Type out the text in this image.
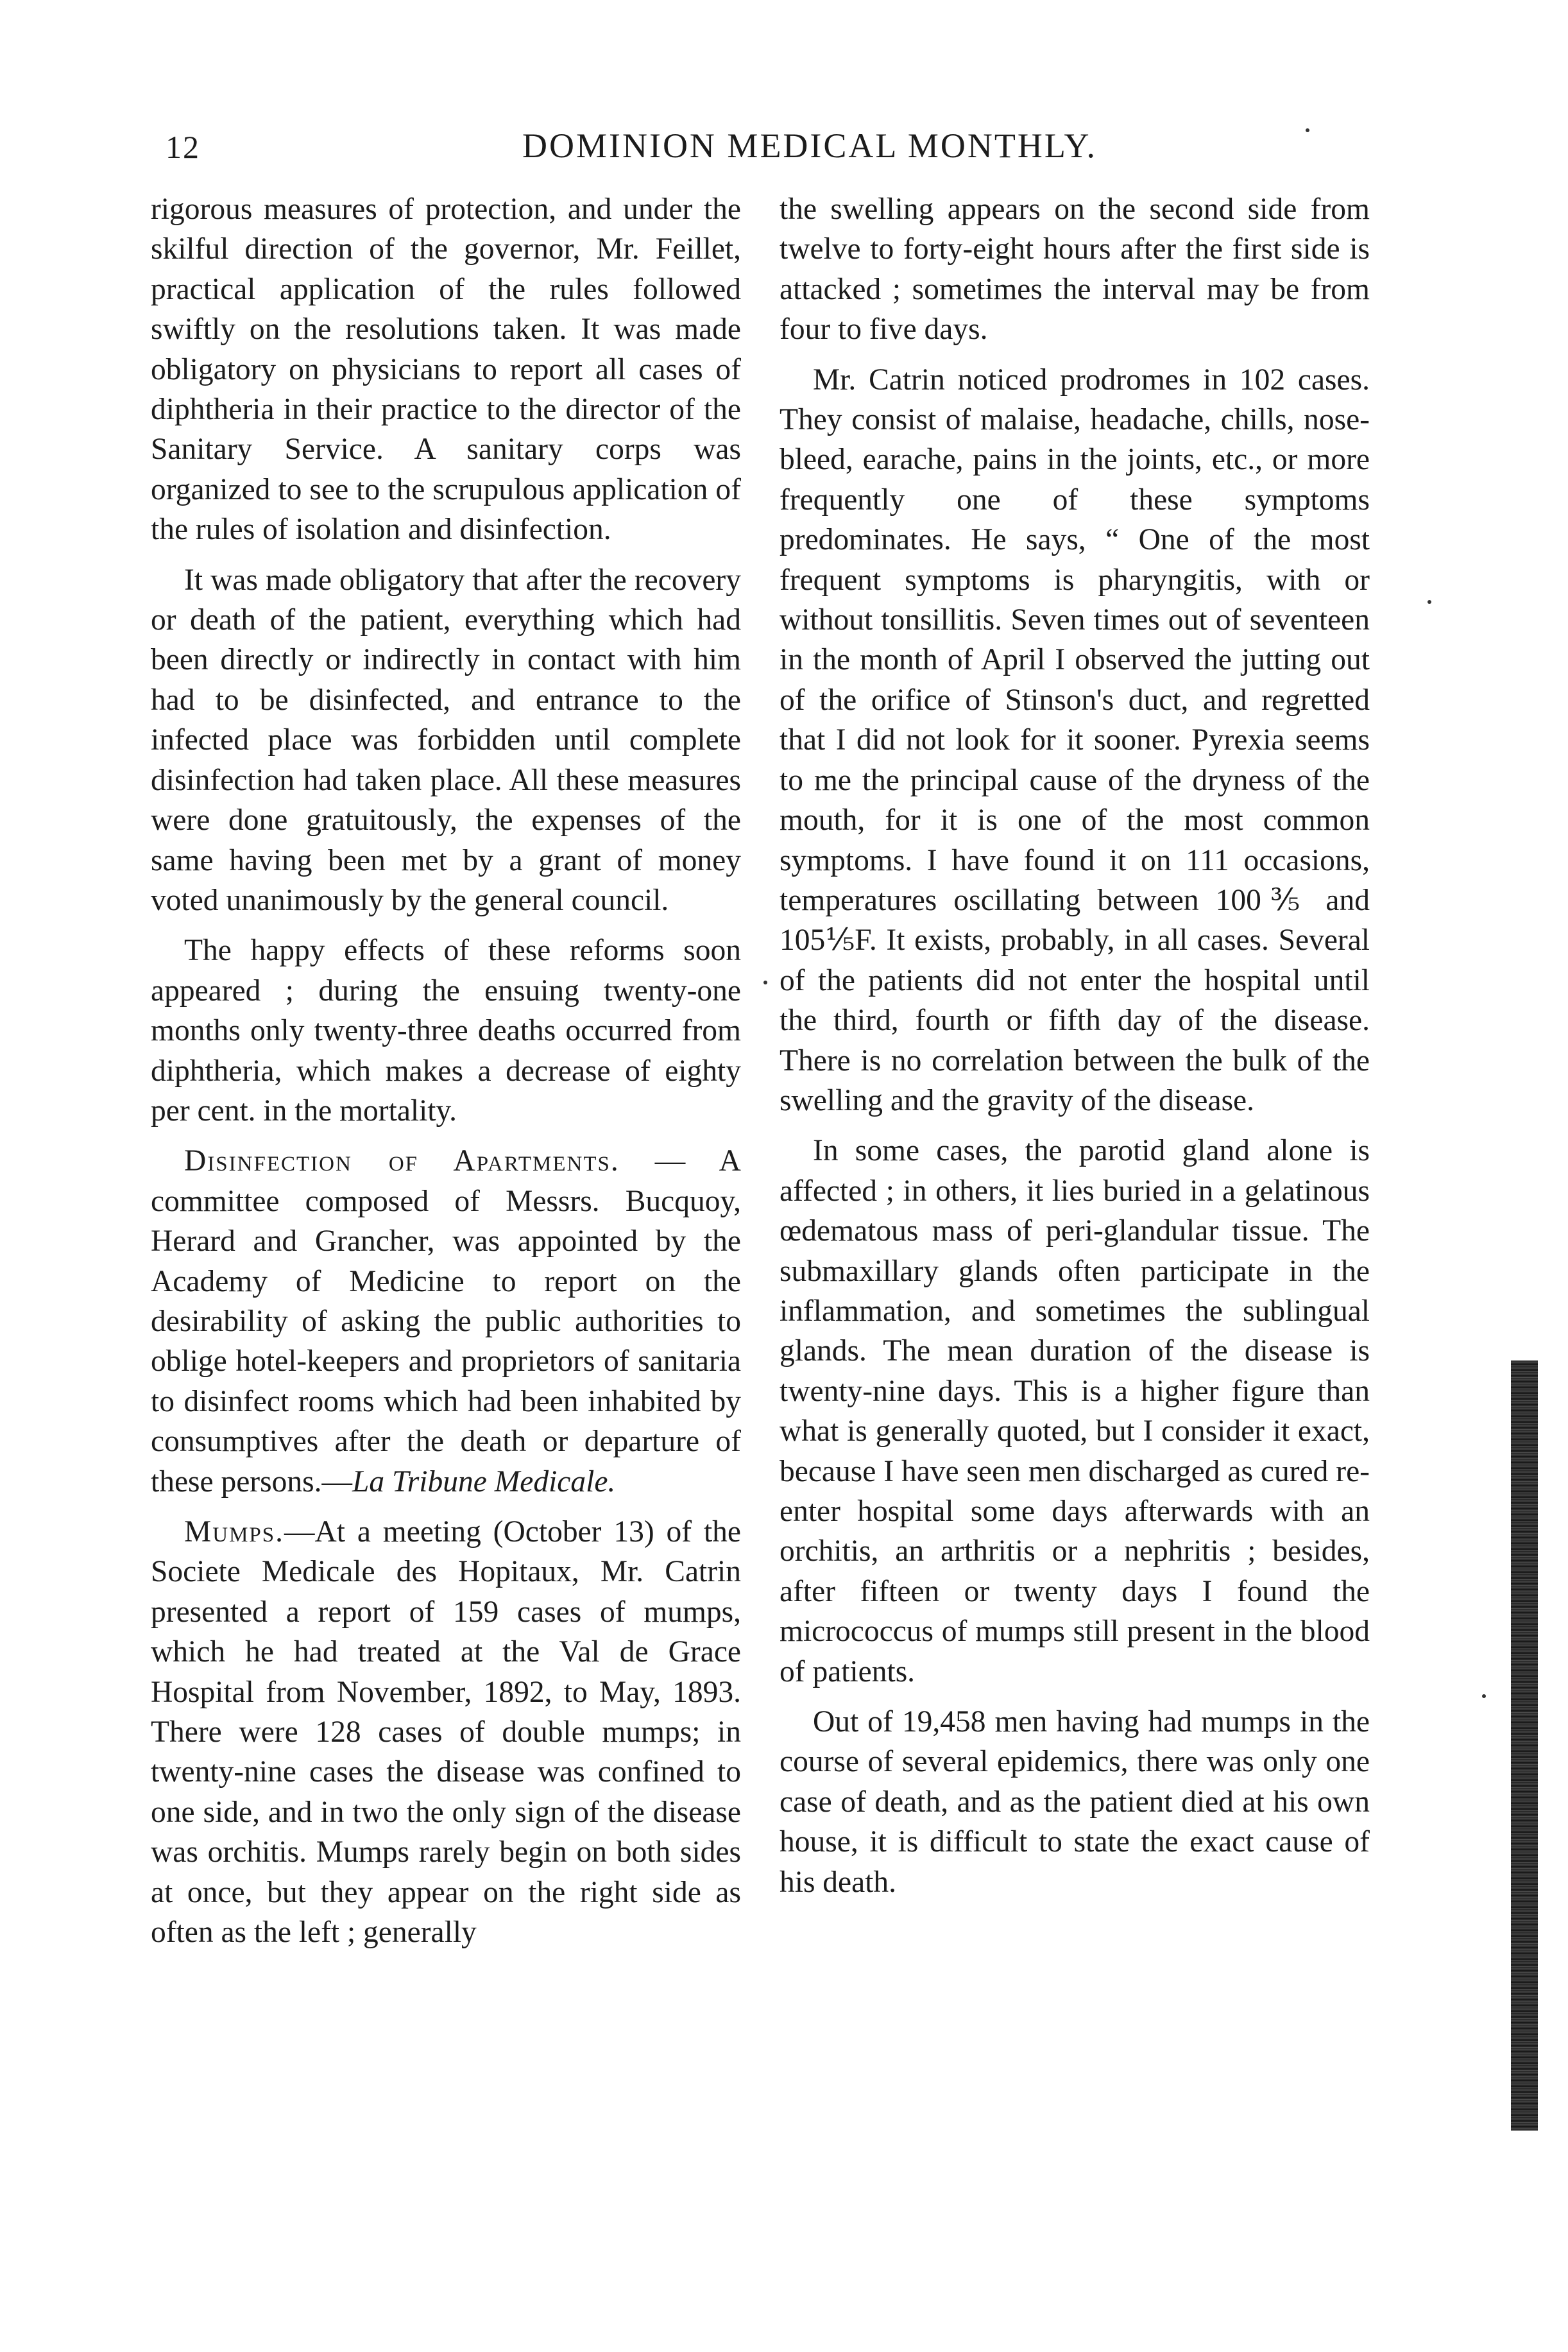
12	DOMINION MEDICAL MONTHLY.

rigorous measures of protection, and under the skilful direction of the governor, Mr. Feillet, practical application of the rules followed swiftly on the resolutions taken. It was made obligatory on physicians to report all cases of diphtheria in their practice to the director of the Sanitary Service. A sanitary corps was organized to see to the scrupulous application of the rules of isolation and disinfection.

It was made obligatory that after the recovery or death of the patient, everything which had been directly or indirectly in contact with him had to be disinfected, and entrance to the infected place was forbidden until complete disinfection had taken place. All these measures were done gratuitously, the expenses of the same having been met by a grant of money voted unanimously by the general council.

The happy effects of these reforms soon appeared ; during the ensuing twenty-one months only twenty-three deaths occurred from diphtheria, which makes a decrease of eighty per cent. in the mortality.

Disinfection of Apartments. — A committee composed of Messrs. Bucquoy, Herard and Grancher, was appointed by the Academy of Medicine to report on the desirability of asking the public authorities to oblige hotel-keepers and proprietors of sanitaria to disinfect rooms which had been inhabited by consumptives after the death or departure of these persons.—La Tribune Medicale.

Mumps.—At a meeting (October 13) of the Societe Medicale des Hopitaux, Mr. Catrin presented a report of 159 cases of mumps, which he had treated at the Val de Grace Hospital from November, 1892, to May, 1893. There were 128 cases of double mumps; in twenty-nine cases the disease was confined to one side, and in two the only sign of the disease was orchitis. Mumps rarely begin on both sides at once, but they appear on the right side as often as the left ; generally

the swelling appears on the second side from twelve to forty-eight hours after the first side is attacked ; sometimes the interval may be from four to five days.

Mr. Catrin noticed prodromes in 102 cases. They consist of malaise, headache, chills, nose-bleed, earache, pains in the joints, etc., or more frequently one of these symptoms predominates. He says, “ One of the most frequent symptoms is pharyngitis, with or without tonsillitis. Seven times out of seventeen in the month of April I observed the jutting out of the orifice of Stinson's duct, and regretted that I did not look for it sooner. Pyrexia seems to me the principal cause of the dryness of the mouth, for it is one of the most common symptoms. I have found it on 111 occasions, temperatures oscillating between 100⅗ and 105⅕F. It exists, probably, in all cases. Several of the patients did not enter the hospital until the third, fourth or fifth day of the disease. There is no correlation between the bulk of the swelling and the gravity of the disease.

In some cases, the parotid gland alone is affected ; in others, it lies buried in a gelatinous œdematous mass of peri-glandular tissue. The submaxillary glands often participate in the inflammation, and sometimes the sublingual glands. The mean duration of the disease is twenty-nine days. This is a higher figure than what is generally quoted, but I consider it exact, because I have seen men discharged as cured re-enter hospital some days afterwards with an orchitis, an arthritis or a nephritis ; besides, after fifteen or twenty days I found the micrococcus of mumps still present in the blood of patients.

Out of 19,458 men having had mumps in the course of several epidemics, there was only one case of death, and as the patient died at his own house, it is difficult to state the exact cause of his death.
